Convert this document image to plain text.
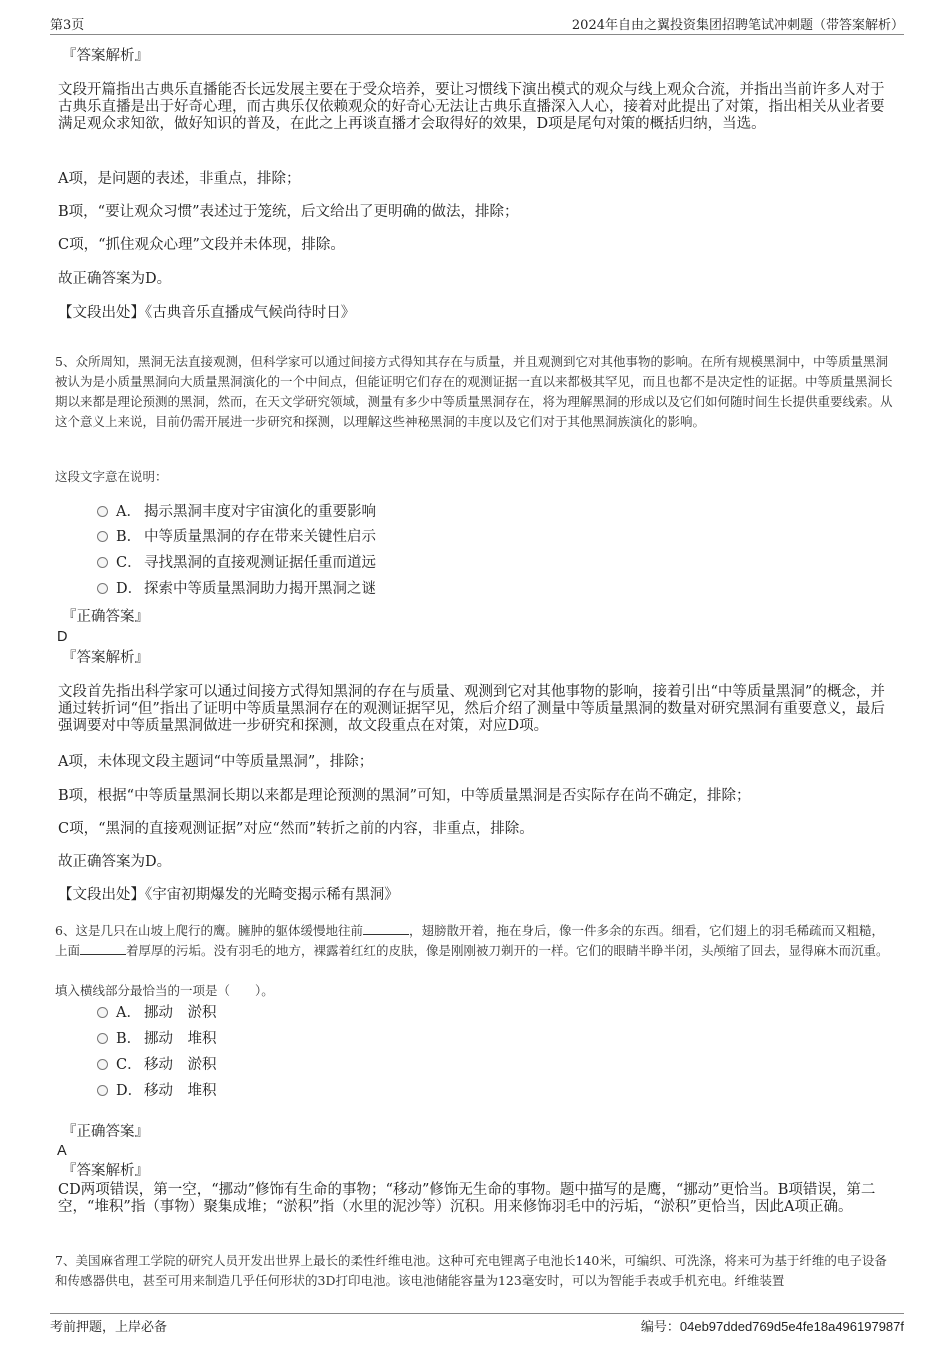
第3页	2024年自由之翼投资集团招聘笔试冲刺题（带答案解析）
『答案解析』
文段开篇指出古典乐直播能否长远发展主要在于受众培养，要让习惯线下演出模式的观众与线上观众合流，并指出当前许多人对于古典乐直播是出于好奇心理，而古典乐仅依赖观众的好奇心无法让古典乐直播深入人心，接着对此提出了对策，指出相关从业者要满足观众求知欲，做好知识的普及，在此之上再谈直播才会取得好的效果，D项是尾句对策的概括归纳，当选。
A项，是问题的表述，非重点，排除；
B项，“要让观众习惯”表述过于笼统，后文给出了更明确的做法，排除；
C项，“抓住观众心理”文段并未体现，排除。
故正确答案为D。
【文段出处】《古典音乐直播成气候尚待时日》
5、众所周知，黑洞无法直接观测，但科学家可以通过间接方式得知其存在与质量，并且观测到它对其他事物的影响。在所有规模黑洞中，中等质量黑洞被认为是小质量黑洞向大质量黑洞演化的一个中间点，但能证明它们存在的观测证据一直以来都极其罕见，而且也都不是决定性的证据。中等质量黑洞长期以来都是理论预测的黑洞，然而，在天文学研究领域，测量有多少中等质量黑洞存在，将为理解黑洞的形成以及它们如何随时间生长提供重要线索。从这个意义上来说，目前仍需开展进一步研究和探测，以理解这些神秘黑洞的丰度以及它们对于其他黑洞族演化的影响。
这段文字意在说明：
A． 揭示黑洞丰度对宇宙演化的重要影响
B． 中等质量黑洞的存在带来关键性启示
C． 寻找黑洞的直接观测证据任重而道远
D． 探索中等质量黑洞助力揭开黑洞之谜
『正确答案』
D
『答案解析』
文段首先指出科学家可以通过间接方式得知黑洞的存在与质量、观测到它对其他事物的影响，接着引出“中等质量黑洞”的概念，并通过转折词“但”指出了证明中等质量黑洞存在的观测证据罕见，然后介绍了测量中等质量黑洞的数量对研究黑洞有重要意义，最后强调要对中等质量黑洞做进一步研究和探测，故文段重点在对策，对应D项。
A项，未体现文段主题词“中等质量黑洞”，排除；
B项，根据“中等质量黑洞长期以来都是理论预测的黑洞”可知，中等质量黑洞是否实际存在尚不确定，排除；
C项，“黑洞的直接观测证据”对应“然而”转折之前的内容，非重点，排除。
故正确答案为D。
【文段出处】《宇宙初期爆发的光畸变揭示稀有黑洞》
6、这是几只在山坡上爬行的鹰。臃肿的躯体缓慢地往前	，翅膀散开着，拖在身后，像一件多余的东西。细看，它们翅上的羽毛稀疏而又粗糙，上面	着厚厚的污垢。没有羽毛的地方，裸露着红红的皮肤，像是刚刚被刀剃开的一样。它们的眼睛半睁半闭，头颅缩了回去，显得麻木而沉重。
填入横线部分最恰当的一项是（　　）。
A． 挪动　淤积
B． 挪动　堆积
C． 移动　淤积
D． 移动　堆积
『正确答案』
A
『答案解析』
CD两项错误，第一空，“挪动”修饰有生命的事物；“移动”修饰无生命的事物。题中描写的是鹰，“挪动”更恰当。B项错误，第二空，“堆积”指（事物）聚集成堆；“淤积”指（水里的泥沙等）沉积。用来修饰羽毛中的污垢，“淤积”更恰当，因此A项正确。
7、美国麻省理工学院的研究人员开发出世界上最长的柔性纤维电池。这种可充电锂离子电池长140米，可编织、可洗涤，将来可为基于纤维的电子设备和传感器供电，甚至可用来制造几乎任何形状的3D打印电池。该电池储能容量为123毫安时，可以为智能手表或手机充电。纤维装置
考前押题，上岸必备	编号：04eb97dded769d5e4fe18a496197987f
